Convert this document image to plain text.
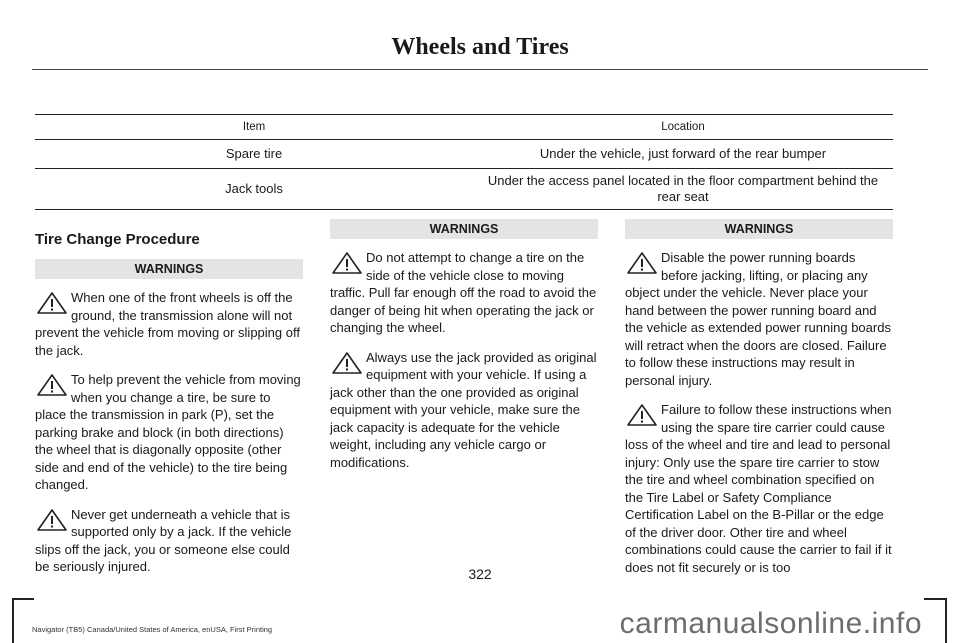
Wheels and Tires
Item	Location
Spare tire	Under the vehicle, just forward of the rear bumper
Jack tools	Under the access panel located in the floor compartment behind the rear seat
Tire Change Procedure
WARNINGS

When one of the front wheels is off the ground, the transmission alone will not prevent the vehicle from moving or slipping off the jack.

To help prevent the vehicle from moving when you change a tire, be sure to place the transmission in park (P), set the parking brake and block (in both directions) the wheel that is diagonally opposite (other side and end of the vehicle) to the tire being changed.

Never get underneath a vehicle that is supported only by a jack. If the vehicle slips off the jack, you or someone else could be seriously injured.

WARNINGS

Do not attempt to change a tire on the side of the vehicle close to moving traffic. Pull far enough off the road to avoid the danger of being hit when operating the jack or changing the wheel.

Always use the jack provided as original equipment with your vehicle. If using a jack other than the one provided as original equipment with your vehicle, make sure the jack capacity is adequate for the vehicle weight, including any vehicle cargo or modifications.

WARNINGS

Disable the power running boards before jacking, lifting, or placing any object under the vehicle. Never place your hand between the power running board and the vehicle as extended power running boards will retract when the doors are closed. Failure to follow these instructions may result in personal injury.

Failure to follow these instructions when using the spare tire carrier could cause loss of the wheel and tire and lead to personal injury: Only use the spare tire carrier to stow the tire and wheel combination specified on the Tire Label or Safety Compliance Certification Label on the B-Pillar or the edge of the driver door. Other tire and wheel combinations could cause the carrier to fail if it does not fit securely or is too

322
Navigator (TB5) Canada/United States of America, enUSA, First Printing	carmanualsonline.info
